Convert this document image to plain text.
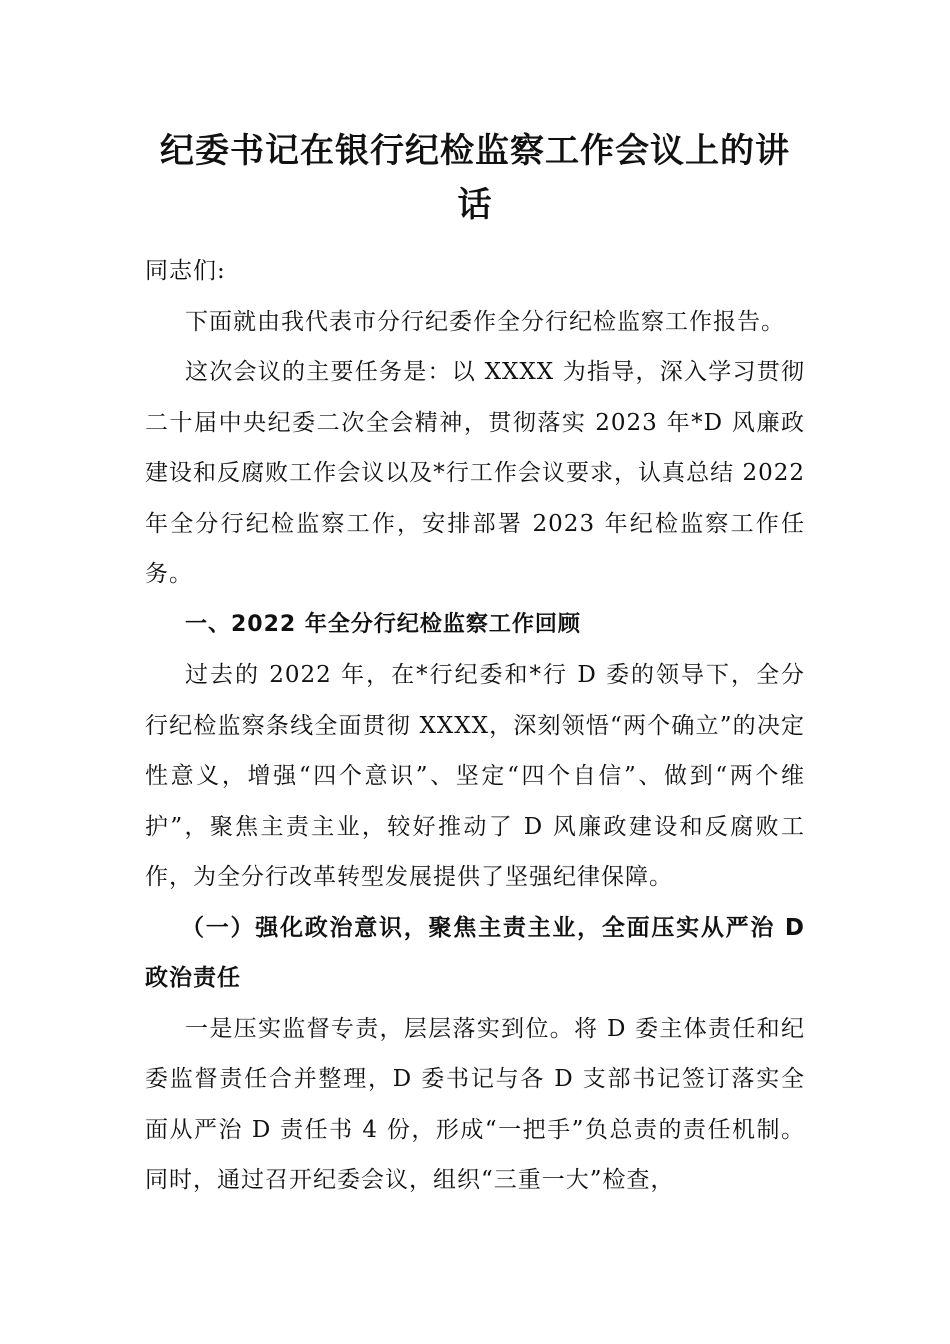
纪委书记在银行纪检监察工作会议上的讲话

同志们:

下面就由我代表市分行纪委作全分行纪检监察工作报告。

这次会议的主要任务是：以 XXXX 为指导，深入学习贯彻二十届中央纪委二次全会精神，贯彻落实 2023 年*D 风廉政建设和反腐败工作会议以及*行工作会议要求，认真总结 2022 年全分行纪检监察工作，安排部署 2023 年纪检监察工作任务。

一、2022 年全分行纪检监察工作回顾

过去的 2022 年，在*行纪委和*行 D 委的领导下，全分行纪检监察条线全面贯彻 XXXX，深刻领悟“两个确立”的决定性意义，增强“四个意识”、坚定“四个自信”、做到“两个维护”，聚焦主责主业，较好推动了 D 风廉政建设和反腐败工作，为全分行改革转型发展提供了坚强纪律保障。

（一）强化政治意识，聚焦主责主业，全面压实从严治 D 政治责任

一是压实监督专责，层层落实到位。将 D 委主体责任和纪委监督责任合并整理，D 委书记与各 D 支部书记签订落实全面从严治 D 责任书 4 份，形成“一把手”负总责的责任机制。同时，通过召开纪委会议，组织“三重一大”检查，
